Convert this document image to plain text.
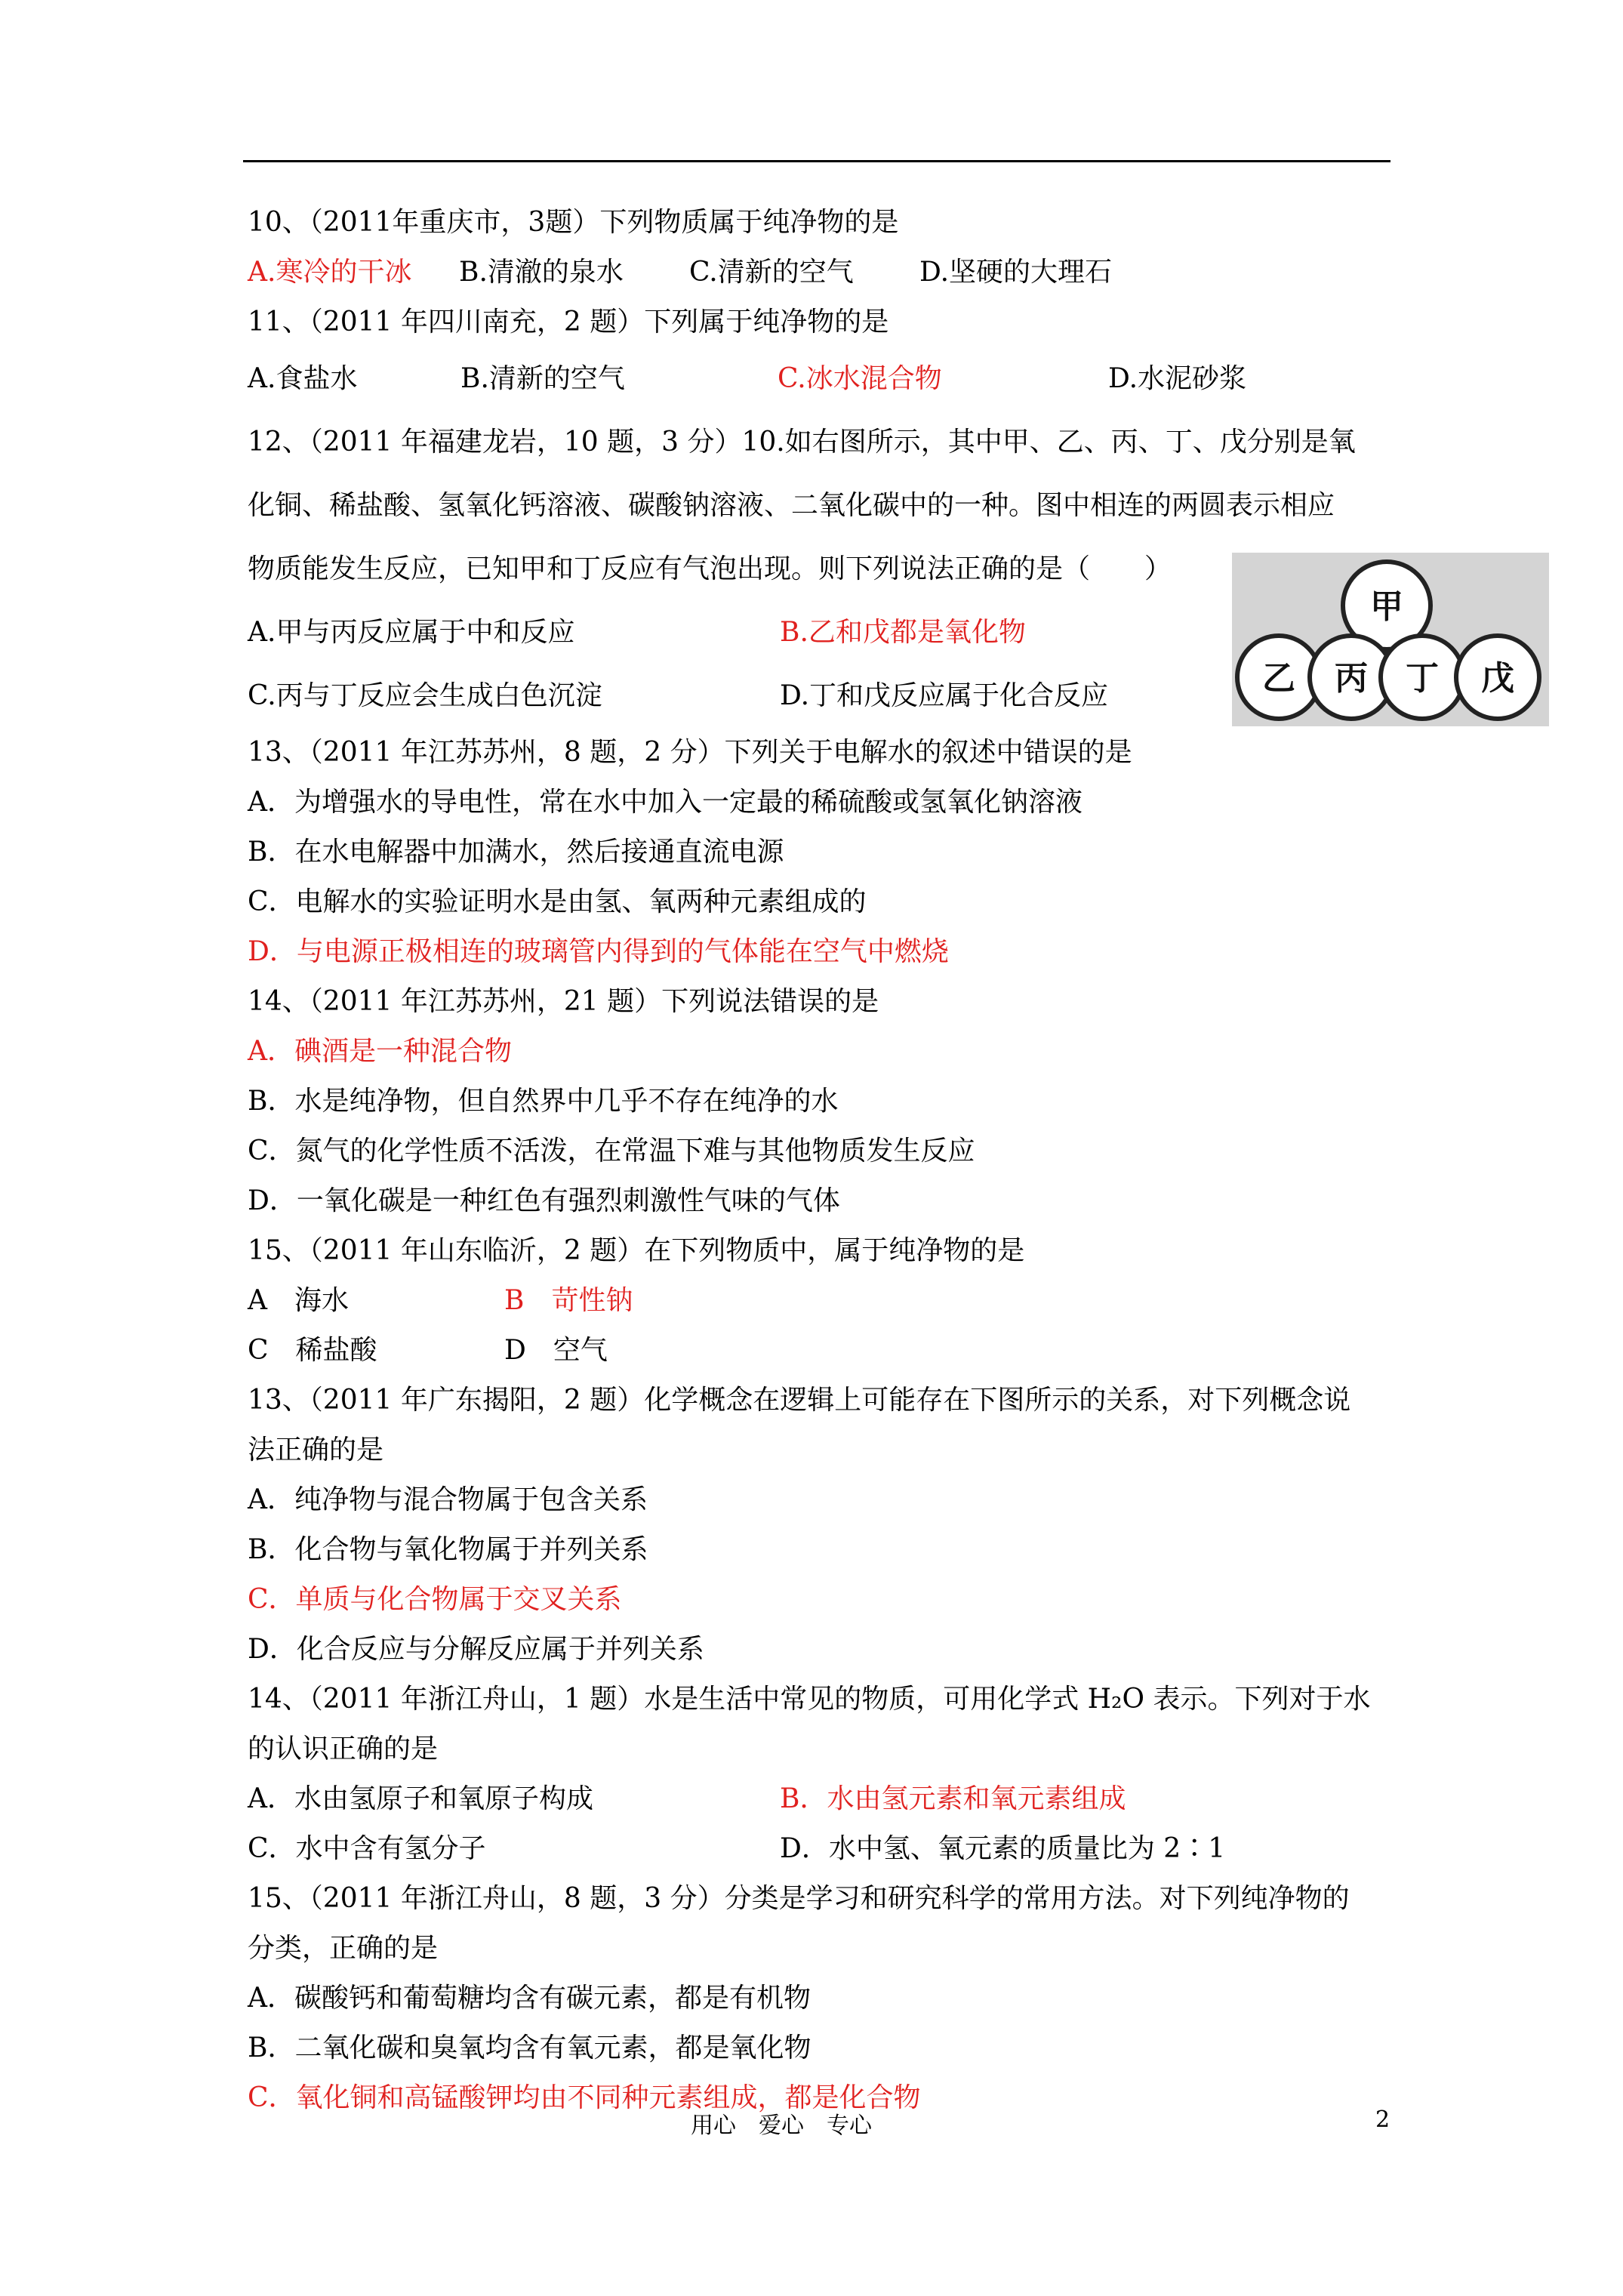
10、（2011年重庆市，3题）下列物质属于纯净物的是
A.寒冷的干冰	B.清澈的泉水	C.清新的空气	D.坚硬的大理石
11、（2011 年四川南充，2 题）下列属于纯净物的是
A.食盐水	B.清新的空气	C.冰水混合物	D.水泥砂浆
12、（2011 年福建龙岩，10 题，3 分）10.如右图所示，其中甲、乙、丙、丁、戊分别是氧
化铜、稀盐酸、氢氧化钙溶液、碳酸钠溶液、二氧化碳中的一种。图中相连的两圆表示相应
物质能发生反应，已知甲和丁反应有气泡出现。则下列说法正确的是（　　）
A.甲与丙反应属于中和反应	B.乙和戊都是氧化物
C.丙与丁反应会生成白色沉淀	D.丁和戊反应属于化合反应
13、（2011 年江苏苏州，8 题，2 分）下列关于电解水的叙述中错误的是
A．为增强水的导电性，常在水中加入一定最的稀硫酸或氢氧化钠溶液
B．在水电解器中加满水，然后接通直流电源
C．电解水的实验证明水是由氢、氧两种元素组成的
D．与电源正极相连的玻璃管内得到的气体能在空气中燃烧
14、（2011 年江苏苏州，21 题）下列说法错误的是
A．碘酒是一种混合物
B．水是纯净物，但自然界中几乎不存在纯净的水
C．氮气的化学性质不活泼，在常温下难与其他物质发生反应
D．一氧化碳是一种红色有强烈刺激性气味的气体
15、（2011 年山东临沂，2 题）在下列物质中，属于纯净物的是
A　海水	B　苛性钠
C　稀盐酸	D　空气
13、（2011 年广东揭阳，2 题）化学概念在逻辑上可能存在下图所示的关系，对下列概念说
法正确的是
A．纯净物与混合物属于包含关系
B．化合物与氧化物属于并列关系
C．单质与化合物属于交叉关系
D．化合反应与分解反应属于并列关系
14、（2011 年浙江舟山，1 题）水是生活中常见的物质，可用化学式 H₂O 表示。下列对于水
的认识正确的是
A．水由氢原子和氧原子构成	B．水由氢元素和氧元素组成
C．水中含有氢分子	D．水中氢、氧元素的质量比为 2∶1
15、（2011 年浙江舟山，8 题，3 分）分类是学习和研究科学的常用方法。对下列纯净物的
分类，正确的是
A．碳酸钙和葡萄糖均含有碳元素，都是有机物
B．二氧化碳和臭氧均含有氧元素，都是氧化物
C．氧化铜和高锰酸钾均由不同种元素组成，都是化合物
甲
乙 丙 丁 戊
用心　爱心　专心	2
